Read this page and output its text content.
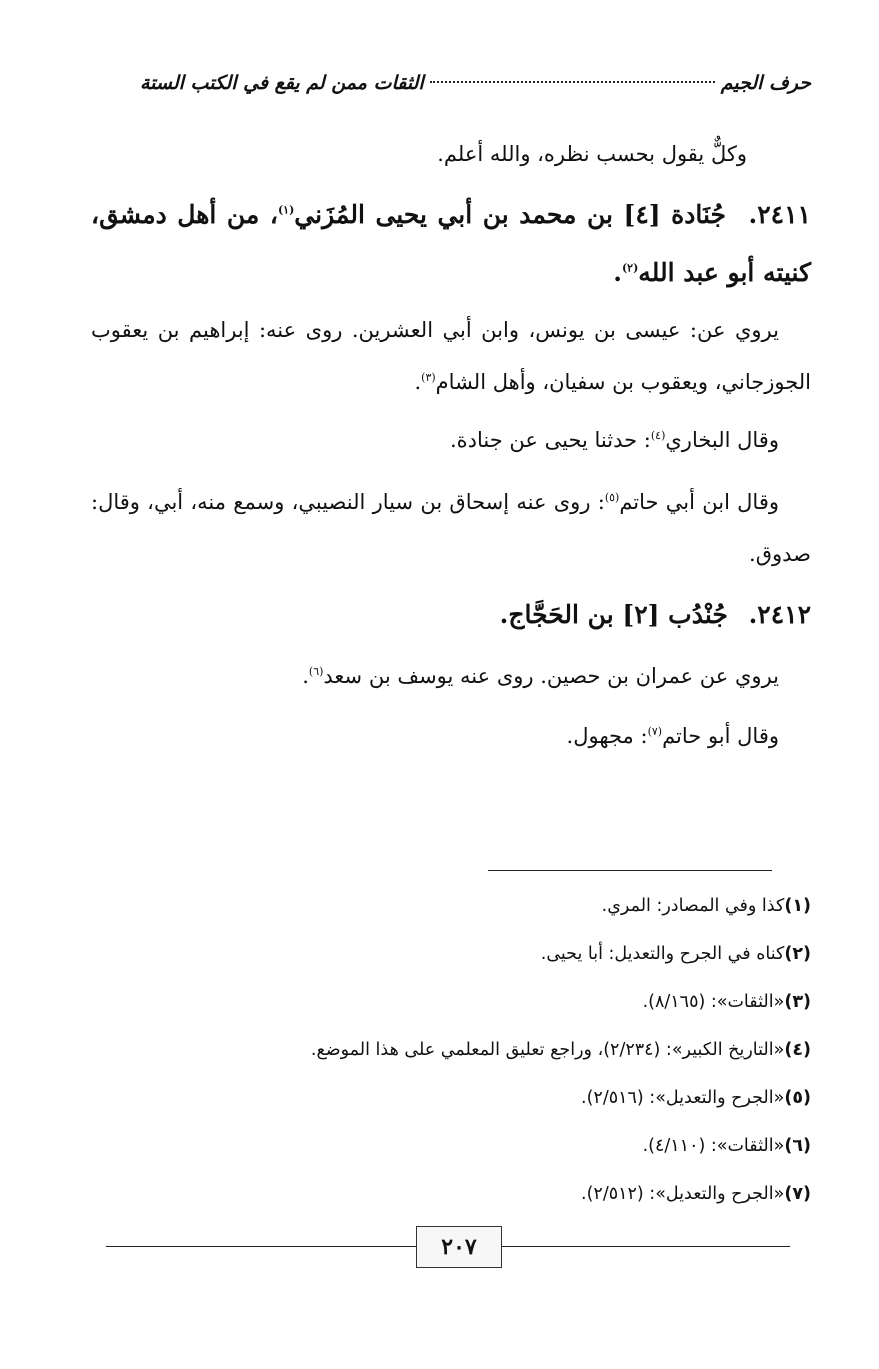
حرف الجيم
الثقات ممن لم يقع في الكتب الستة
وكلٌّ يقول بحسب نظره، والله أعلم.
٢٤١١. جُنَادة [٤] بن محمد بن أبي يحيى المُزَني$^{(١)}$، من أهل دمشق، كنيته أبو عبد الله$^{(٢)}$.
يروي عن: عيسى بن يونس، وابن أبي العشرين. روى عنه: إبراهيم بن يعقوب الجوزجاني، ويعقوب بن سفيان، وأهل الشام$^{(٣)}$.
وقال البخاري$^{(٤)}$: حدثنا يحيى عن جنادة.
وقال ابن أبي حاتم$^{(٥)}$: روى عنه إسحاق بن سيار النصيبي، وسمع منه، أبي، وقال: صدوق.
٢٤١٢. جُنْدُب [٢] بن الحَجَّاج.
يروي عن عمران بن حصين. روى عنه يوسف بن سعد$^{(٦)}$.
وقال أبو حاتم$^{(٧)}$: مجهول.
(١)كذا وفي المصادر: المري.
(٢)كناه في الجرح والتعديل: أبا يحيى.
(٣)«الثقات»: (٨/١٦٥).
(٤)«التاريخ الكبير»: (٢/٢٣٤)، وراجع تعليق المعلمي على هذا الموضع.
(٥)«الجرح والتعديل»: (٢/٥١٦).
(٦)«الثقات»: (٤/١١٠).
(٧)«الجرح والتعديل»: (٢/٥١٢).
٢٠٧
